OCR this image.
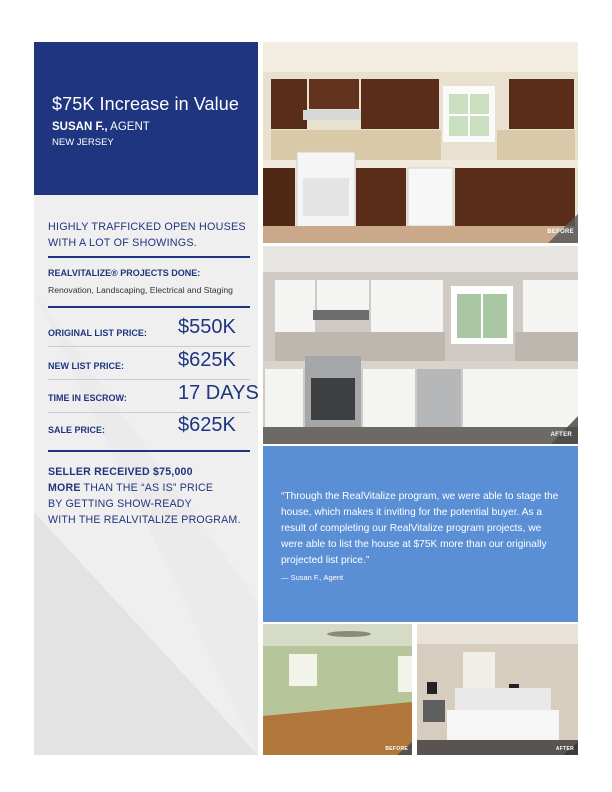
$75K Increase in Value
SUSAN F., AGENT
NEW JERSEY
HIGHLY TRAFFICKED OPEN HOUSES
WITH A LOT OF SHOWINGS.
REALVITALIZE® PROJECTS DONE:
Renovation, Landscaping, Electrical and Staging
ORIGINAL LIST PRICE: $550K
NEW LIST PRICE:	$625K
TIME IN ESCROW:	17 DAYS
SALE PRICE:	$625K
SELLER RECEIVED $75,000
MORE THAN THE “AS IS” PRICE
BY GETTING SHOW-READY
WITH THE REALVITALIZE PROGRAM.
BEFORE
AFTER
“Through the RealVitalize program, we were able to stage the house, which makes it inviting for the potential buyer. As a result of completing our RealVitalize program projects, we were able to list the house at $75K more than our originally projected list price.”
— Susan F., Agent
BEFORE	AFTER
